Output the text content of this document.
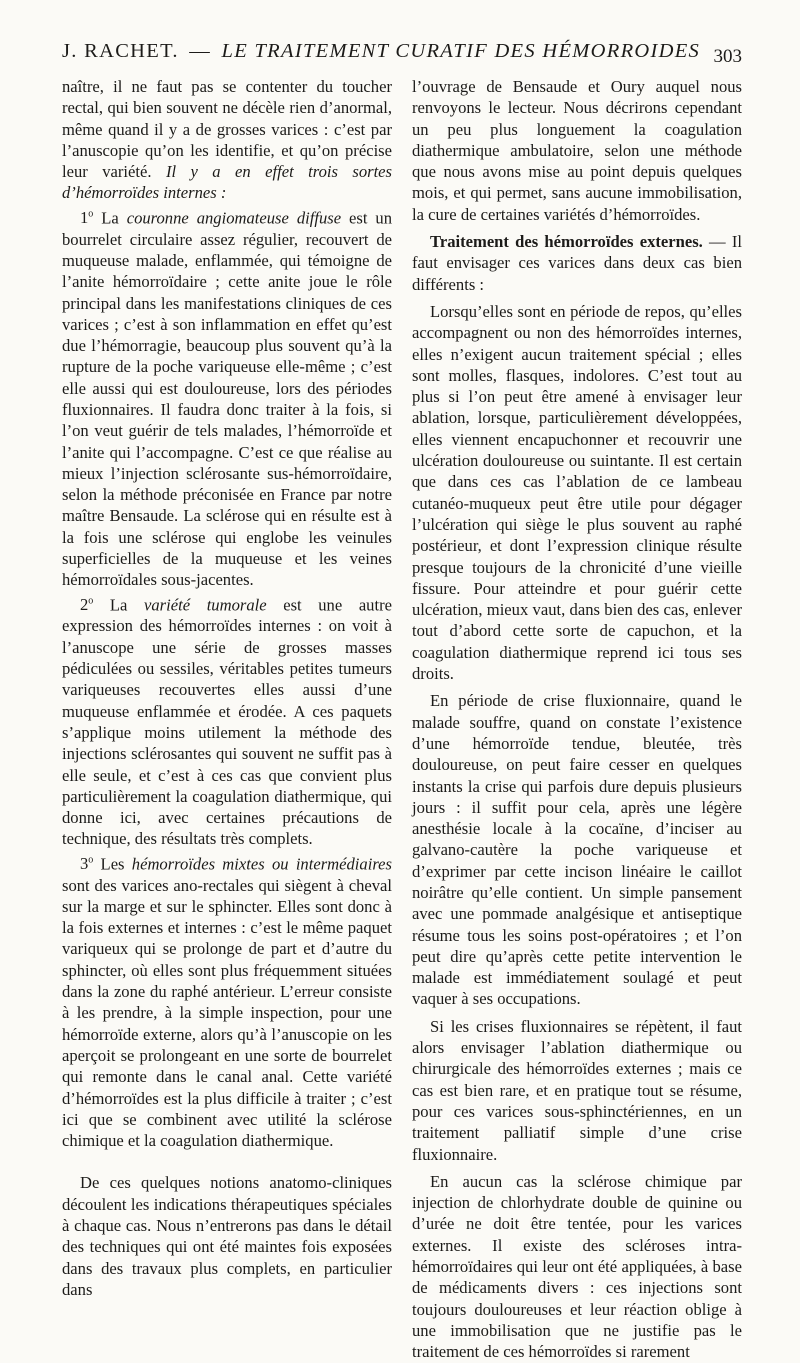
J. RACHET. — LE TRAITEMENT CURATIF DES HÉMORROIDES 303

naître, il ne faut pas se contenter du toucher rectal, qui bien souvent ne décèle rien d’anormal, même quand il y a de grosses varices : c’est par l’anuscopie qu’on les identifie, et qu’on précise leur variété. Il y a en effet trois sortes d’hémorroïdes internes :

1$^o$ La couronne angiomateuse diffuse est un bourrelet circulaire assez régulier, recouvert de muqueuse malade, enflammée, qui témoigne de l’anite hémorroïdaire ; cette anite joue le rôle principal dans les manifestations cliniques de ces varices ; c’est à son inflammation en effet qu’est due l’hémorragie, beaucoup plus souvent qu’à la rupture de la poche variqueuse elle-même ; c’est elle aussi qui est douloureuse, lors des périodes fluxionnaires. Il faudra donc traiter à la fois, si l’on veut guérir de tels malades, l’hémorroïde et l’anite qui l’accompagne. C’est ce que réalise au mieux l’injection sclérosante sus-hémorroïdaire, selon la méthode préconisée en France par notre maître Bensaude. La sclérose qui en résulte est à la fois une sclérose qui englobe les veinules superficielles de la muqueuse et les veines hémorroïdales sous-jacentes.

2$^o$ La variété tumorale est une autre expression des hémorroïdes internes : on voit à l’anuscope une série de grosses masses pédiculées ou sessiles, véritables petites tumeurs variqueuses recouvertes elles aussi d’une muqueuse enflammée et érodée. A ces paquets s’applique moins utilement la méthode des injections sclérosantes qui souvent ne suffit pas à elle seule, et c’est à ces cas que convient plus particulièrement la coagulation diathermique, qui donne ici, avec certaines précautions de technique, des résultats très complets.

3$^o$ Les hémorroïdes mixtes ou intermédiaires sont des varices ano-rectales qui siègent à cheval sur la marge et sur le sphincter. Elles sont donc à la fois externes et internes : c’est le même paquet variqueux qui se prolonge de part et d’autre du sphincter, où elles sont plus fréquemment situées dans la zone du raphé antérieur. L’erreur consiste à les prendre, à la simple inspection, pour une hémorroïde externe, alors qu’à l’anuscopie on les aperçoit se prolongeant en une sorte de bourrelet qui remonte dans le canal anal. Cette variété d’hémorroïdes est la plus difficile à traiter ; c’est ici que se combinent avec utilité la sclérose chimique et la coagulation diathermique.

De ces quelques notions anatomo-cliniques découlent les indications thérapeutiques spéciales à chaque cas. Nous n’entrerons pas dans le détail des techniques qui ont été maintes fois exposées dans des travaux plus complets, en particulier dans

l’ouvrage de Bensaude et Oury auquel nous renvoyons le lecteur. Nous décrirons cependant un peu plus longuement la coagulation diathermique ambulatoire, selon une méthode que nous avons mise au point depuis quelques mois, et qui permet, sans aucune immobilisation, la cure de certaines variétés d’hémorroïdes.

Traitement des hémorroïdes externes. — Il faut envisager ces varices dans deux cas bien différents :

Lorsqu’elles sont en période de repos, qu’elles accompagnent ou non des hémorroïdes internes, elles n’exigent aucun traitement spécial ; elles sont molles, flasques, indolores. C’est tout au plus si l’on peut être amené à envisager leur ablation, lorsque, particulièrement développées, elles viennent encapuchonner et recouvrir une ulcération douloureuse ou suintante. Il est certain que dans ces cas l’ablation de ce lambeau cutanéo-muqueux peut être utile pour dégager l’ulcération qui siège le plus souvent au raphé postérieur, et dont l’expression clinique résulte presque toujours de la chronicité d’une vieille fissure. Pour atteindre et pour guérir cette ulcération, mieux vaut, dans bien des cas, enlever tout d’abord cette sorte de capuchon, et la coagulation diathermique reprend ici tous ses droits.

En période de crise fluxionnaire, quand le malade souffre, quand on constate l’existence d’une hémorroïde tendue, bleutée, très douloureuse, on peut faire cesser en quelques instants la crise qui parfois dure depuis plusieurs jours : il suffit pour cela, après une légère anesthésie locale à la cocaïne, d’inciser au galvano-cautère la poche variqueuse et d’exprimer par cette incison linéaire le caillot noirâtre qu’elle contient. Un simple pansement avec une pommade analgésique et antiseptique résume tous les soins post-opératoires ; et l’on peut dire qu’après cette petite intervention le malade est immédiatement soulagé et peut vaquer à ses occupations.

Si les crises fluxionnaires se répètent, il faut alors envisager l’ablation diathermique ou chirurgicale des hémorroïdes externes ; mais ce cas est bien rare, et en pratique tout se résume, pour ces varices sous-sphinctériennes, en un traitement palliatif simple d’une crise fluxionnaire.

En aucun cas la sclérose chimique par injection de chlorhydrate double de quinine ou d’urée ne doit être tentée, pour les varices externes. Il existe des scléroses intra-hémorroïdaires qui leur ont été appliquées, à base de médicaments divers : ces injections sont toujours douloureuses et leur réaction oblige à une immobilisation que ne justifie pas le traitement de ces hémorroïdes si rarement
